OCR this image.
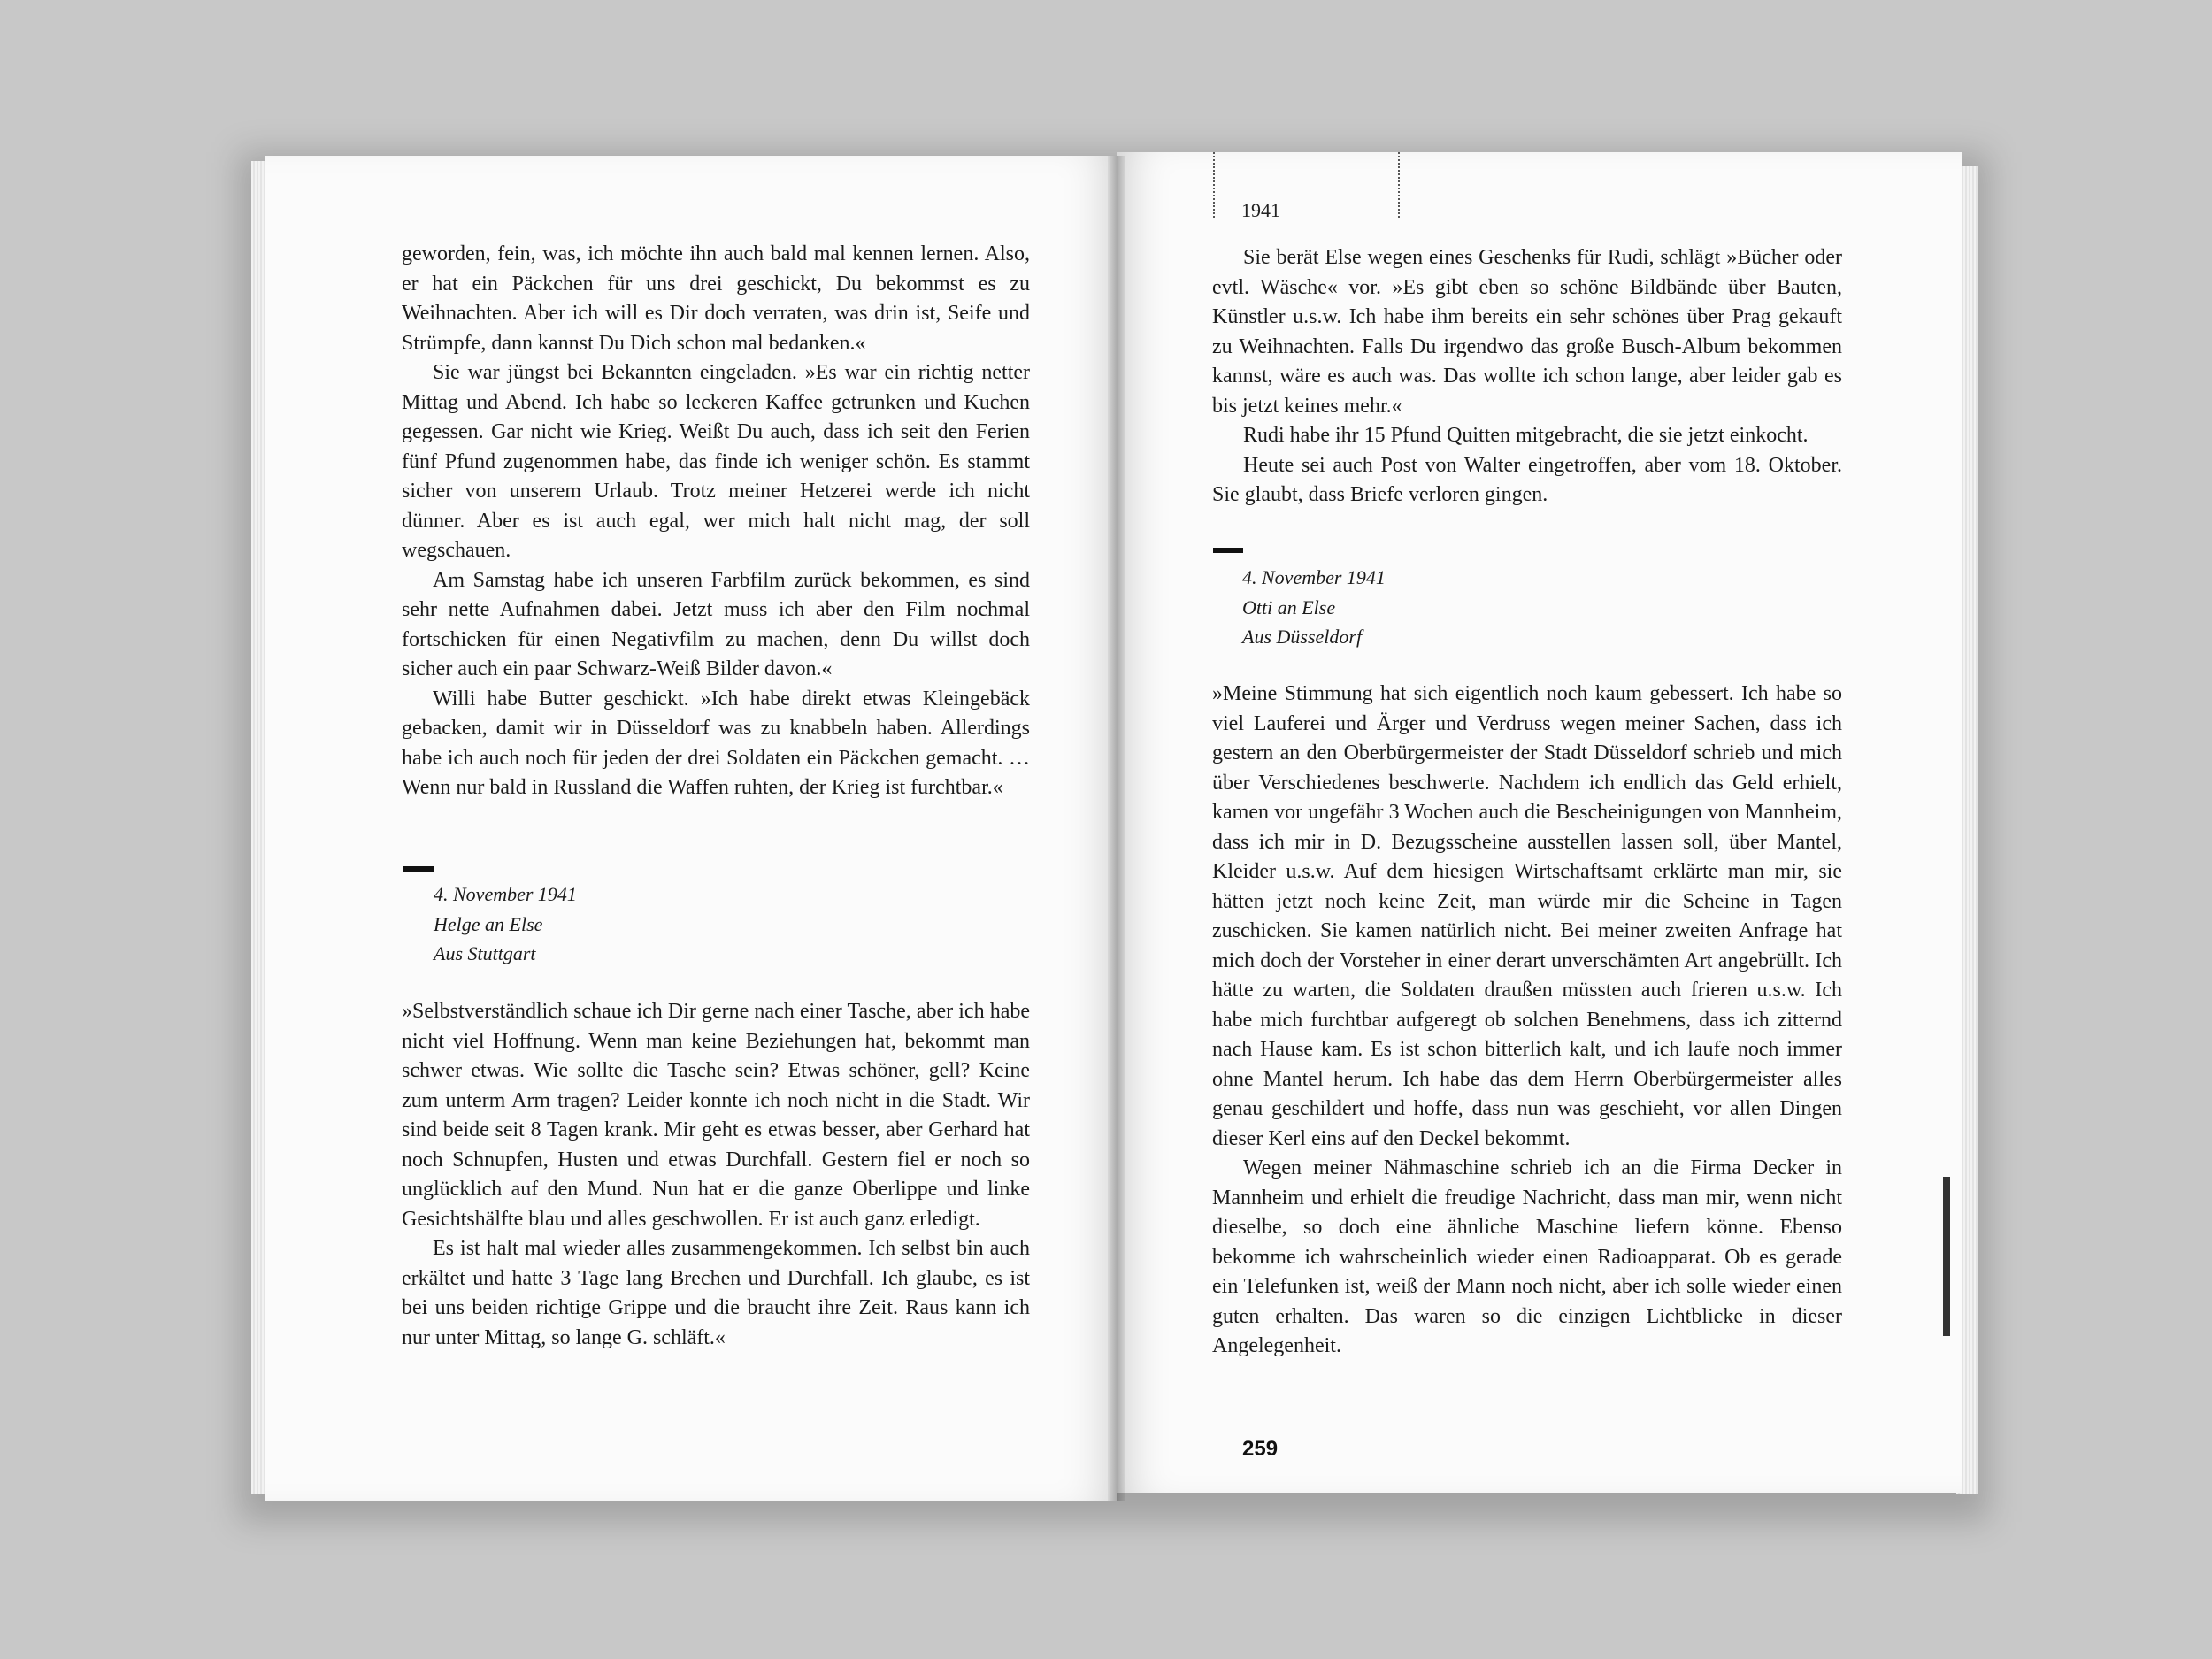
geworden, fein, was, ich möchte ihn auch bald mal kennen lernen. Also, er hat ein Päckchen für uns drei geschickt, Du bekommst es zu Weihnachten. Aber ich will es Dir doch verraten, was drin ist, Seife und Strümpfe, dann kannst Du Dich schon mal bedanken.«

Sie war jüngst bei Bekannten eingeladen. »Es war ein richtig netter Mittag und Abend. Ich habe so leckeren Kaffee getrunken und Kuchen gegessen. Gar nicht wie Krieg. Weißt Du auch, dass ich seit den Ferien fünf Pfund zugenommen habe, das finde ich weniger schön. Es stammt sicher von unserem Urlaub. Trotz meiner Hetzerei werde ich nicht dünner. Aber es ist auch egal, wer mich halt nicht mag, der soll wegschauen.

Am Samstag habe ich unseren Farbfilm zurück bekommen, es sind sehr nette Aufnahmen dabei. Jetzt muss ich aber den Film nochmal fortschicken für einen Negativfilm zu machen, denn Du willst doch sicher auch ein paar Schwarz-Weiß Bilder davon.«

Willi habe Butter geschickt. »Ich habe direkt etwas Kleingebäck gebacken, damit wir in Düsseldorf was zu knabbeln haben. Allerdings habe ich auch noch für jeden der drei Soldaten ein Päckchen gemacht. … Wenn nur bald in Russland die Waffen ruhten, der Krieg ist furchtbar.«

4. November 1941
Helge an Else
Aus Stuttgart

»Selbstverständlich schaue ich Dir gerne nach einer Tasche, aber ich habe nicht viel Hoffnung. Wenn man keine Beziehungen hat, bekommt man schwer etwas. Wie sollte die Tasche sein? Etwas schöner, gell? Keine zum unterm Arm tragen? Leider konnte ich noch nicht in die Stadt. Wir sind beide seit 8 Tagen krank. Mir geht es etwas besser, aber Gerhard hat noch Schnupfen, Husten und etwas Durchfall. Gestern fiel er noch so unglücklich auf den Mund. Nun hat er die ganze Oberlippe und linke Gesichtshälfte blau und alles geschwollen. Er ist auch ganz erledigt.

Es ist halt mal wieder alles zusammengekommen. Ich selbst bin auch erkältet und hatte 3 Tage lang Brechen und Durchfall. Ich glaube, es ist bei uns beiden richtige Grippe und die braucht ihre Zeit. Raus kann ich nur unter Mittag, so lange G. schläft.«

1941

Sie berät Else wegen eines Geschenks für Rudi, schlägt »Bücher oder evtl. Wäsche« vor. »Es gibt eben so schöne Bildbände über Bauten, Künstler u.s.w. Ich habe ihm bereits ein sehr schönes über Prag gekauft zu Weihnachten. Falls Du irgendwo das große Busch-Album bekommen kannst, wäre es auch was. Das wollte ich schon lange, aber leider gab es bis jetzt keines mehr.«

Rudi habe ihr 15 Pfund Quitten mitgebracht, die sie jetzt einkocht.

Heute sei auch Post von Walter eingetroffen, aber vom 18. Oktober. Sie glaubt, dass Briefe verloren gingen.

4. November 1941
Otti an Else
Aus Düsseldorf

»Meine Stimmung hat sich eigentlich noch kaum gebessert. Ich habe so viel Lauferei und Ärger und Verdruss wegen meiner Sachen, dass ich gestern an den Oberbürgermeister der Stadt Düsseldorf schrieb und mich über Verschiedenes beschwerte. Nachdem ich endlich das Geld erhielt, kamen vor ungefähr 3 Wochen auch die Bescheinigungen von Mannheim, dass ich mir in D. Bezugsscheine ausstellen lassen soll, über Mantel, Kleider u.s.w. Auf dem hiesigen Wirtschaftsamt erklärte man mir, sie hätten jetzt noch keine Zeit, man würde mir die Scheine in Tagen zuschicken. Sie kamen natürlich nicht. Bei meiner zweiten Anfrage hat mich doch der Vorsteher in einer derart unverschämten Art angebrüllt. Ich hätte zu warten, die Soldaten draußen müssten auch frieren u.s.w. Ich habe mich furchtbar aufgeregt ob solchen Benehmens, dass ich zitternd nach Hause kam. Es ist schon bitterlich kalt, und ich laufe noch immer ohne Mantel herum. Ich habe das dem Herrn Oberbürgermeister alles genau geschildert und hoffe, dass nun was geschieht, vor allen Dingen dieser Kerl eins auf den Deckel bekommt.

Wegen meiner Nähmaschine schrieb ich an die Firma Decker in Mannheim und erhielt die freudige Nachricht, dass man mir, wenn nicht dieselbe, so doch eine ähnliche Maschine liefern könne. Ebenso bekomme ich wahrscheinlich wieder einen Radioapparat. Ob es gerade ein Telefunken ist, weiß der Mann noch nicht, aber ich solle wieder einen guten erhalten. Das waren so die einzigen Lichtblicke in dieser Angelegenheit.

259
